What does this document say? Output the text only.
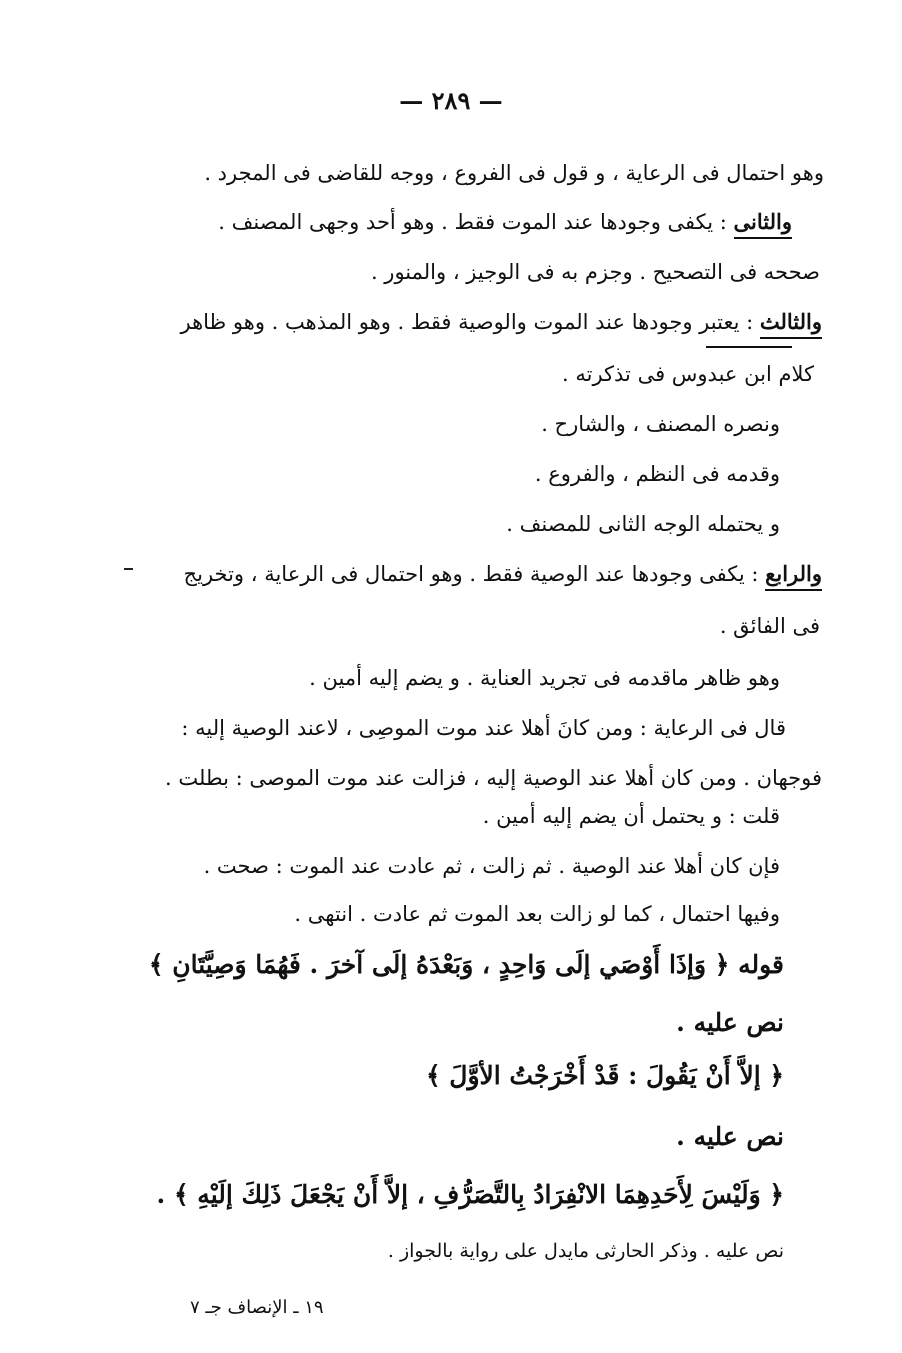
— ٢٨٩ —
وهو احتمال فى الرعاية ، و قول فى الفروع ، ووجه للقاضى فى المجرد .
والثانى : يكفى وجودها عند الموت فقط . وهو أحد وجهى المصنف .
صححه فى التصحيح . وجزم به فى الوجيز ، والمنور .
والثالث : يعتبر وجودها عند الموت والوصية فقط . وهو المذهب . وهو ظاهر
كلام ابن عبدوس فى تذكرته .
ونصره المصنف ، والشارح .
وقدمه فى النظم ، والفروع .
و يحتمله الوجه الثانى للمصنف .
والرابع : يكفى وجودها عند الوصية فقط . وهو احتمال فى الرعاية ، وتخريج
فى الفائق .
وهو ظاهر ماقدمه فى تجريد العناية . و يضم إليه أمين .
قال فى الرعاية : ومن كانَ أهلا عند موت الموصِى ، لاعند الوصية إليه :
فوجهان . ومن كان أهلا عند الوصية إليه ، فزالت عند موت الموصى : بطلت .
قلت : و يحتمل أن يضم إليه أمين .
فإن كان أهلا عند الوصية . ثم زالت ، ثم عادت عند الموت : صحت .
وفيها احتمال ، كما لو زالت بعد الموت ثم عادت . انتهى .
قوله ﴿ وَإذَا أَوْصَي إلَى وَاحِدٍ ، وَبَعْدَهُ إلَى آخرَ . فَهُمَا وَصِيَّتَانِ ﴾
نص عليه .
﴿ إلاَّ أَنْ يَقُولَ : قَدْ أَخْرَجْتُ الأوَّلَ ﴾
نص عليه .
﴿ وَلَيْسَ لِأَحَدِهِمَا الانْفِرَادُ بِالتَّصَرُّفِ ، إلاَّ أَنْ يَجْعَلَ ذَلِكَ إلَيْهِ ﴾ .
نص عليه . وذكر الحارثى مايدل على رواية بالجواز .
١٩ ـ الإنصاف جـ ٧
